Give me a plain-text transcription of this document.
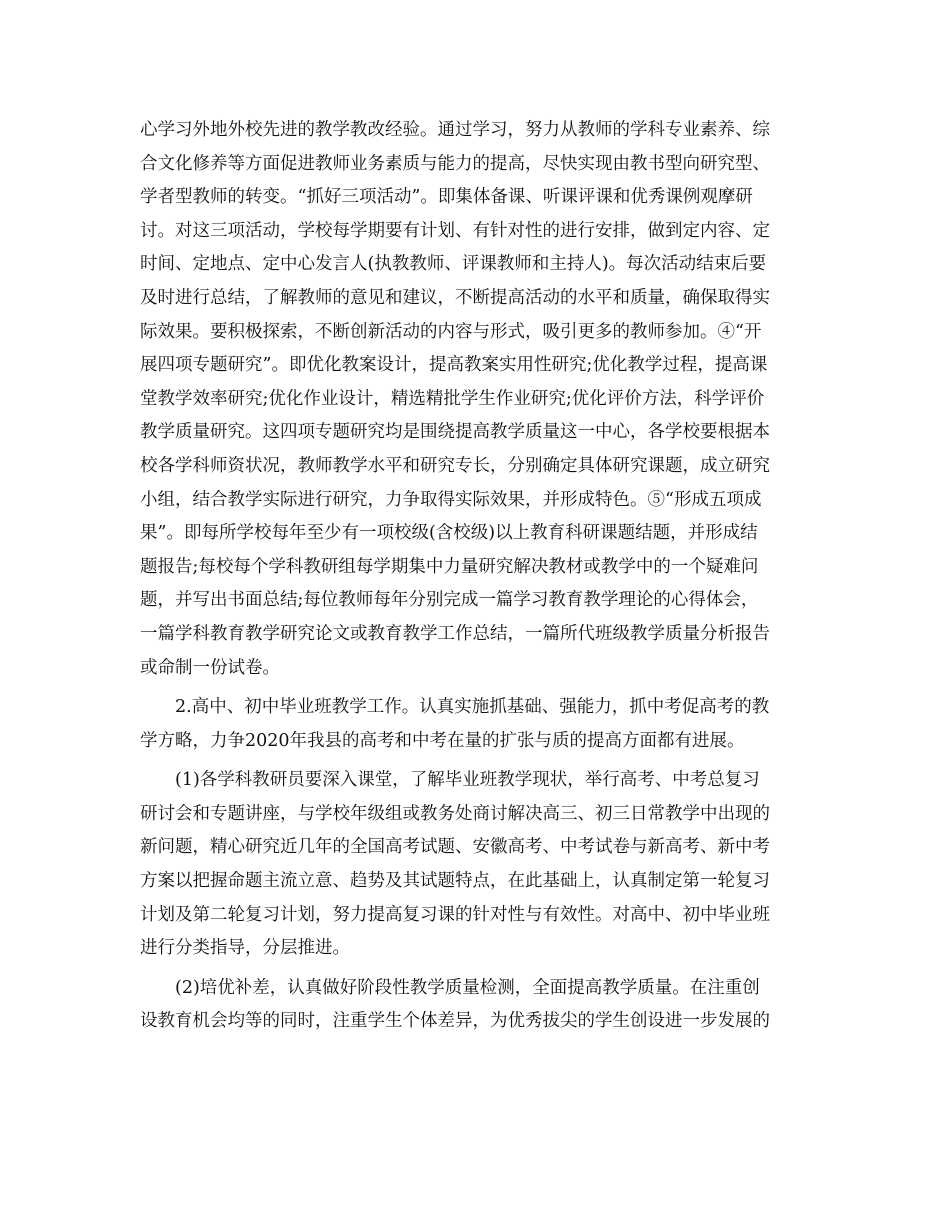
心学习外地外校先进的教学教改经验。通过学习，努力从教师的学科专业素养、综
合文化修养等方面促进教师业务素质与能力的提高，尽快实现由教书型向研究型、
学者型教师的转变。“抓好三项活动”。即集体备课、听课评课和优秀课例观摩研
讨。对这三项活动，学校每学期要有计划、有针对性的进行安排，做到定内容、定
时间、定地点、定中心发言人(执教教师、评课教师和主持人)。每次活动结束后要
及时进行总结，了解教师的意见和建议，不断提高活动的水平和质量，确保取得实
际效果。要积极探索，不断创新活动的内容与形式，吸引更多的教师参加。④“开
展四项专题研究”。即优化教案设计，提高教案实用性研究;优化教学过程，提高课
堂教学效率研究;优化作业设计，精选精批学生作业研究;优化评价方法，科学评价
教学质量研究。这四项专题研究均是围绕提高教学质量这一中心，各学校要根据本
校各学科师资状况，教师教学水平和研究专长，分别确定具体研究课题，成立研究
小组，结合教学实际进行研究，力争取得实际效果，并形成特色。⑤“形成五项成
果”。即每所学校每年至少有一项校级(含校级)以上教育科研课题结题，并形成结
题报告;每校每个学科教研组每学期集中力量研究解决教材或教学中的一个疑难问
题，并写出书面总结;每位教师每年分别完成一篇学习教育教学理论的心得体会，
一篇学科教育教学研究论文或教育教学工作总结，一篇所代班级教学质量分析报告
或命制一份试卷。
2.高中、初中毕业班教学工作。认真实施抓基础、强能力，抓中考促高考的教
学方略，力争2020年我县的高考和中考在量的扩张与质的提高方面都有进展。
(1)各学科教研员要深入课堂，了解毕业班教学现状，举行高考、中考总复习
研讨会和专题讲座，与学校年级组或教务处商讨解决高三、初三日常教学中出现的
新问题，精心研究近几年的全国高考试题、安徽高考、中考试卷与新高考、新中考
方案以把握命题主流立意、趋势及其试题特点，在此基础上，认真制定第一轮复习
计划及第二轮复习计划，努力提高复习课的针对性与有效性。对高中、初中毕业班
进行分类指导，分层推进。
(2)培优补差，认真做好阶段性教学质量检测，全面提高教学质量。在注重创
设教育机会均等的同时，注重学生个体差异，为优秀拔尖的学生创设进一步发展的
